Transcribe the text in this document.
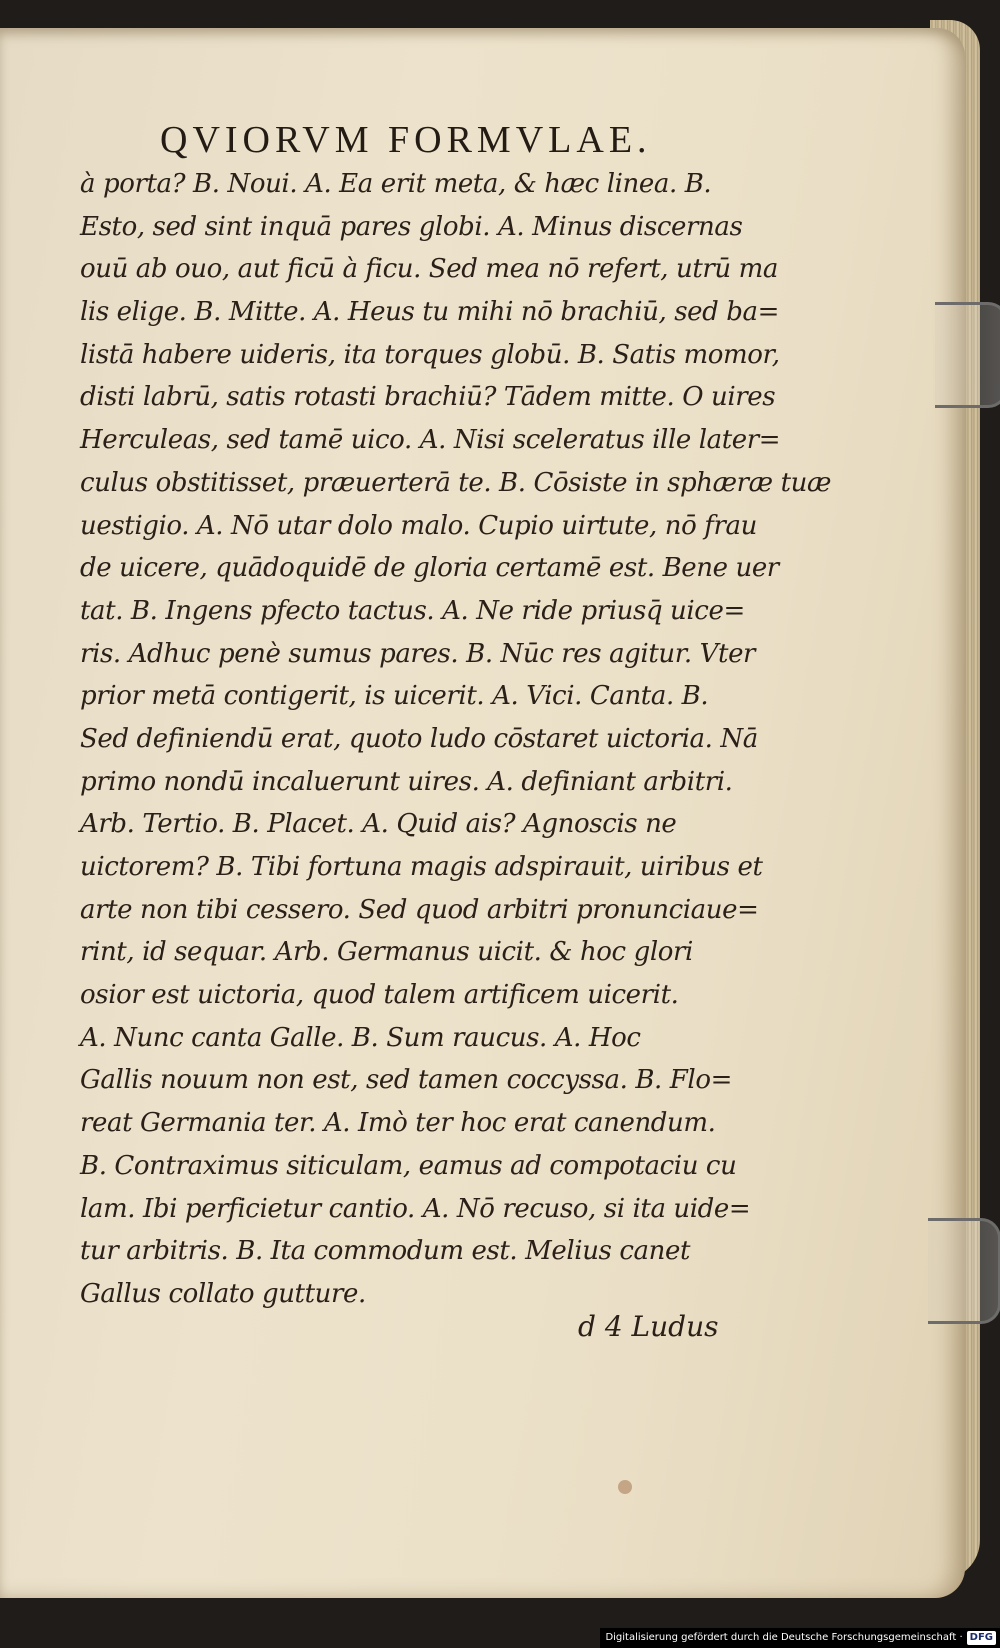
QVIORVM FORMVLAE.
à porta? B. Noui. A. Ea erit meta, & hæc linea. B.
Esto, sed sint inquā pares globi. A. Minus discernas
ouū ab ouo, aut ficū à ficu. Sed mea nō refert, utrū ma
lis elige. B. Mitte. A. Heus tu mihi nō brachiū, sed ba=
listā habere uideris, ita torques globū. B. Satis momor,
disti labrū, satis rotasti brachiū? Tādem mitte. O uires
Herculeas, sed tamē uico. A. Nisi sceleratus ille later=
culus obstitisset, præuerterā te. B. Cōsiste in sphæræ tuæ
uestigio. A. Nō utar dolo malo. Cupio uirtute, nō frau
de uicere, quādoquidē de gloria certamē est. Bene uer
tat. B. Ingens pfecto tactus. A. Ne ride priusq̄ uice=
ris. Adhuc penè sumus pares. B. Nūc res agitur. Vter
prior metā contigerit, is uicerit. A. Vici. Canta. B.
Sed definiendū erat, quoto ludo cōstaret uictoria. Nā
primo nondū incaluerunt uires. A. definiant arbitri.
Arb. Tertio. B. Placet. A. Quid ais? Agnoscis ne
uictorem? B. Tibi fortuna magis adspirauit, uiribus et
arte non tibi cessero. Sed quod arbitri pronunciaue=
rint, id sequar. Arb. Germanus uicit. & hoc glori
osior est uictoria, quod talem artificem uicerit.
A. Nunc canta Galle. B. Sum raucus. A. Hoc
Gallis nouum non est, sed tamen coccyssa. B. Flo=
reat Germania ter. A. Imò ter hoc erat canendum.
B. Contraximus siticulam, eamus ad compotaciu cu
lam. Ibi perficietur cantio. A. Nō recuso, si ita uide=
tur arbitris. B. Ita commodum est. Melius canet
Gallus collato gutture.
d 4 Ludus
Digitalisierung gefördert durch die Deutsche Forschungsgemeinschaft · DFG
